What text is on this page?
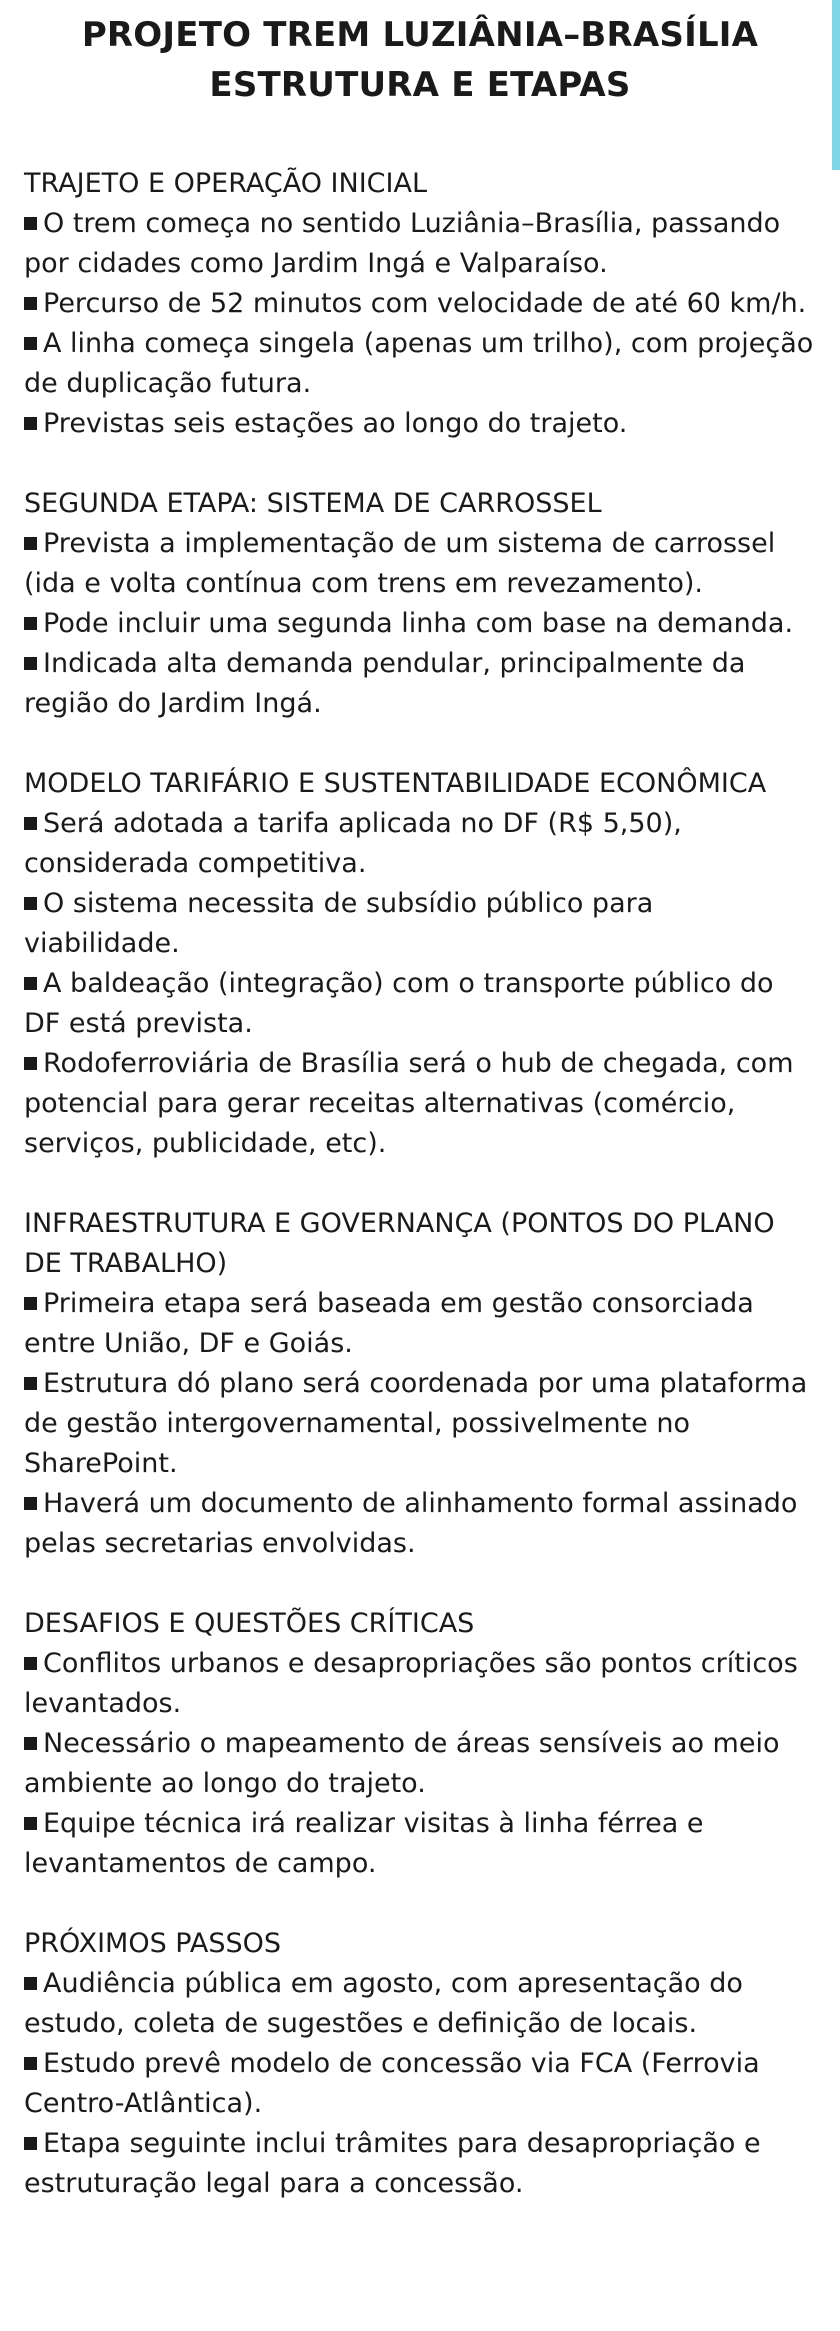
PROJETO TREM LUZIÂNIA–BRASÍLIA
ESTRUTURA E ETAPAS
TRAJETO E OPERAÇÃO INICIAL

O trem começa no sentido Luziânia–Brasília, passando por cidades como Jardim Ingá e Valparaíso.

Percurso de 52 minutos com velocidade de até 60 km/h.

A linha começa singela (apenas um trilho), com projeção de duplicação futura.

Previstas seis estações ao longo do trajeto.

SEGUNDA ETAPA: SISTEMA DE CARROSSEL

Prevista a implementação de um sistema de carrossel (ida e volta contínua com trens em revezamento).

Pode incluir uma segunda linha com base na demanda.

Indicada alta demanda pendular, principalmente da região do Jardim Ingá.

MODELO TARIFÁRIO E SUSTENTABILIDADE ECONÔMICA

Será adotada a tarifa aplicada no DF (R$ 5,50), considerada competitiva.

O sistema necessita de subsídio público para viabilidade.

A baldeação (integração) com o transporte público do DF está prevista.

Rodoferroviária de Brasília será o hub de chegada, com potencial para gerar receitas alternativas (comércio, serviços, publicidade, etc).

INFRAESTRUTURA E GOVERNANÇA (PONTOS DO PLANO DE TRABALHO)

Primeira etapa será baseada em gestão consorciada entre União, DF e Goiás.

Estrutura dó plano será coordenada por uma plataforma de gestão intergovernamental, possivelmente no SharePoint.

Haverá um documento de alinhamento formal assinado pelas secretarias envolvidas.

DESAFIOS E QUESTÕES CRÍTICAS

Conflitos urbanos e desapropriações são pontos críticos levantados.

Necessário o mapeamento de áreas sensíveis ao meio ambiente ao longo do trajeto.

Equipe técnica irá realizar visitas à linha férrea e levantamentos de campo.

PRÓXIMOS PASSOS

Audiência pública em agosto, com apresentação do estudo, coleta de sugestões e definição de locais.

Estudo prevê modelo de concessão via FCA (Ferrovia Centro-Atlântica).

Etapa seguinte inclui trâmites para desapropriação e estruturação legal para a concessão.
